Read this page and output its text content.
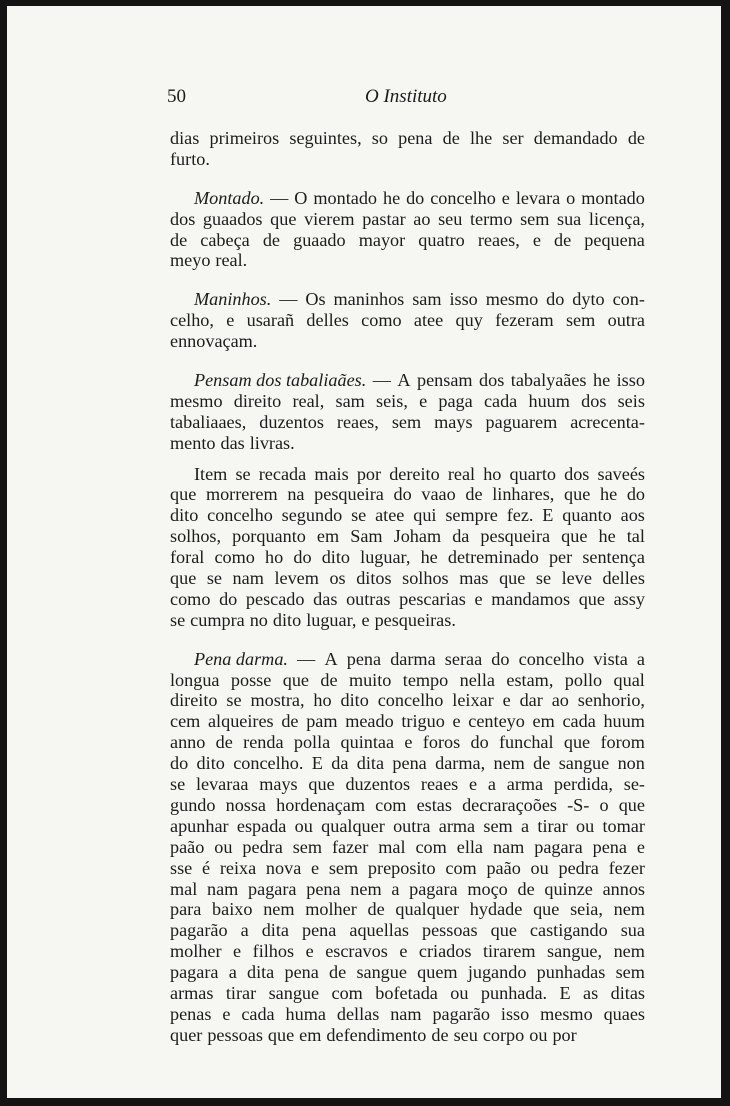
50	O Instituto
dias primeiros seguintes, so pena de lhe ser demandado de
furto.
Montado. — O montado he do concelho e levara o montado
dos guaados que vierem pastar ao seu termo sem sua licença,
de cabeça de guaado mayor quatro reaes, e de pequena
meyo real.
Maninhos. — Os maninhos sam isso mesmo do dyto con-
celho, e usarañ delles como atee quy fezeram sem outra
ennovaçam.
Pensam dos tabaliaães. — A pensam dos tabalyaães he isso
mesmo direito real, sam seis, e paga cada huum dos seis
tabaliaaes, duzentos reaes, sem mays paguarem acrecenta-
mento das livras.
Item se recada mais por dereito real ho quarto dos saveés
que morrerem na pesqueira do vaao de linhares, que he do
dito concelho segundo se atee qui sempre fez. E quanto aos
solhos, porquanto em Sam Joham da pesqueira que he tal
foral como ho do dito luguar, he detreminado per sentença
que se nam levem os ditos solhos mas que se leve delles
como do pescado das outras pescarias e mandamos que assy
se cumpra no dito luguar, e pesqueiras.
Pena darma. — A pena darma seraa do concelho vista a
longua posse que de muito tempo nella estam, pollo qual
direito se mostra, ho dito concelho leixar e dar ao senhorio,
cem alqueires de pam meado triguo e centeyo em cada huum
anno de renda polla quintaa e foros do funchal que forom
do dito concelho. E da dita pena darma, nem de sangue non
se levaraa mays que duzentos reaes e a arma perdida, se-
gundo nossa hordenaçam com estas decraraçoões -S- o que
apunhar espada ou qualquer outra arma sem a tirar ou tomar
paão ou pedra sem fazer mal com ella nam pagara pena e
sse é reixa nova e sem preposito com paão ou pedra fezer
mal nam pagara pena nem a pagara moço de quinze annos
para baixo nem molher de qualquer hydade que seia, nem
pagarão a dita pena aquellas pessoas que castigando sua
molher e filhos e escravos e criados tirarem sangue, nem
pagara a dita pena de sangue quem jugando punhadas sem
armas tirar sangue com bofetada ou punhada. E as ditas
penas e cada huma dellas nam pagarão isso mesmo quaes
quer pessoas que em defendimento de seu corpo ou por
